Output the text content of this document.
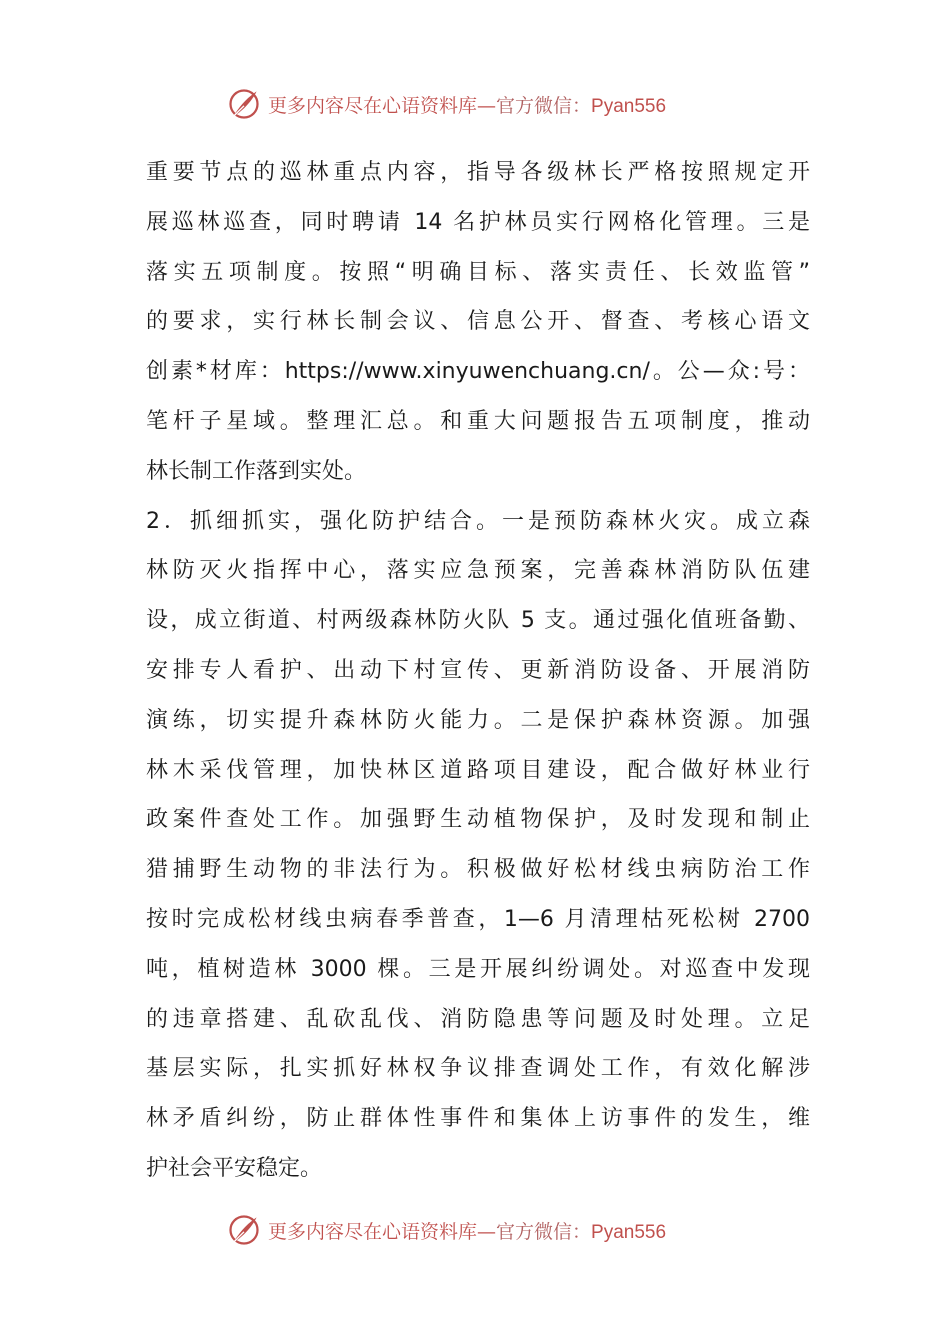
更多内容尽在心语资料库—官方微信：Pyan556
重要节点的巡林重点内容，指导各级林长严格按照规定开
展巡林巡查，同时聘请 14 名护林员实行网格化管理。三是
落实五项制度。按照“明确目标、落实责任、长效监管”
的要求，实行林长制会议、信息公开、督查、考核心语文
创素*材库：https://www.xinyuwenchuang.cn/。公—众:号：
笔杆子星域。整理汇总。和重大问题报告五项制度，推动
林长制工作落到实处。
2．抓细抓实，强化防护结合。一是预防森林火灾。成立森
林防灭火指挥中心，落实应急预案，完善森林消防队伍建
设，成立街道、村两级森林防火队 5 支。通过强化值班备勤、
安排专人看护、出动下村宣传、更新消防设备、开展消防
演练，切实提升森林防火能力。二是保护森林资源。加强
林木采伐管理，加快林区道路项目建设，配合做好林业行
政案件查处工作。加强野生动植物保护，及时发现和制止
猎捕野生动物的非法行为。积极做好松材线虫病防治工作
按时完成松材线虫病春季普查，1—6 月清理枯死松树 2700
吨，植树造林 3000 棵。三是开展纠纷调处。对巡查中发现
的违章搭建、乱砍乱伐、消防隐患等问题及时处理。立足
基层实际，扎实抓好林权争议排查调处工作，有效化解涉
林矛盾纠纷，防止群体性事件和集体上访事件的发生，维
护社会平安稳定。
更多内容尽在心语资料库—官方微信：Pyan556
